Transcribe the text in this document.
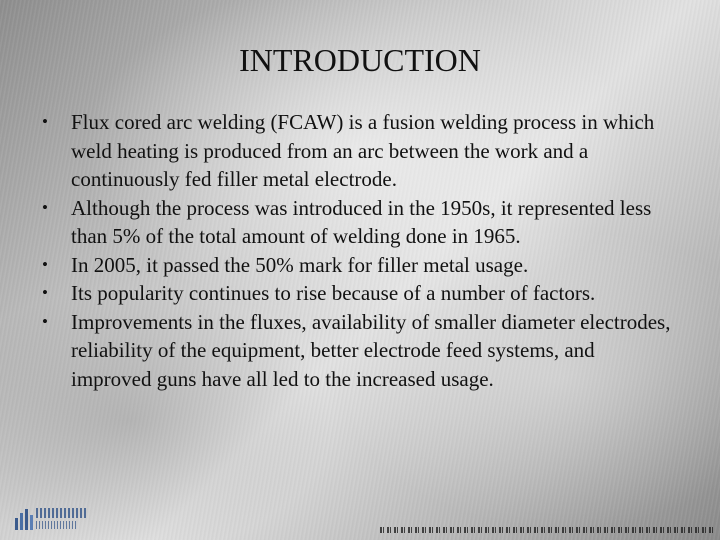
INTRODUCTION
• Flux cored arc welding (FCAW) is a fusion welding process in which weld heating is produced from an arc between the work and a continuously fed filler metal electrode.
• Although the process was introduced in the 1950s, it represented less than 5% of the total amount of welding done in 1965.
• In 2005, it passed the 50% mark for filler metal usage.
• Its popularity continues to rise because of a number of factors.
• Improvements in the fluxes, availability of smaller diameter electrodes, reliability of the equipment, better electrode feed systems, and improved guns have all led to the increased usage.
